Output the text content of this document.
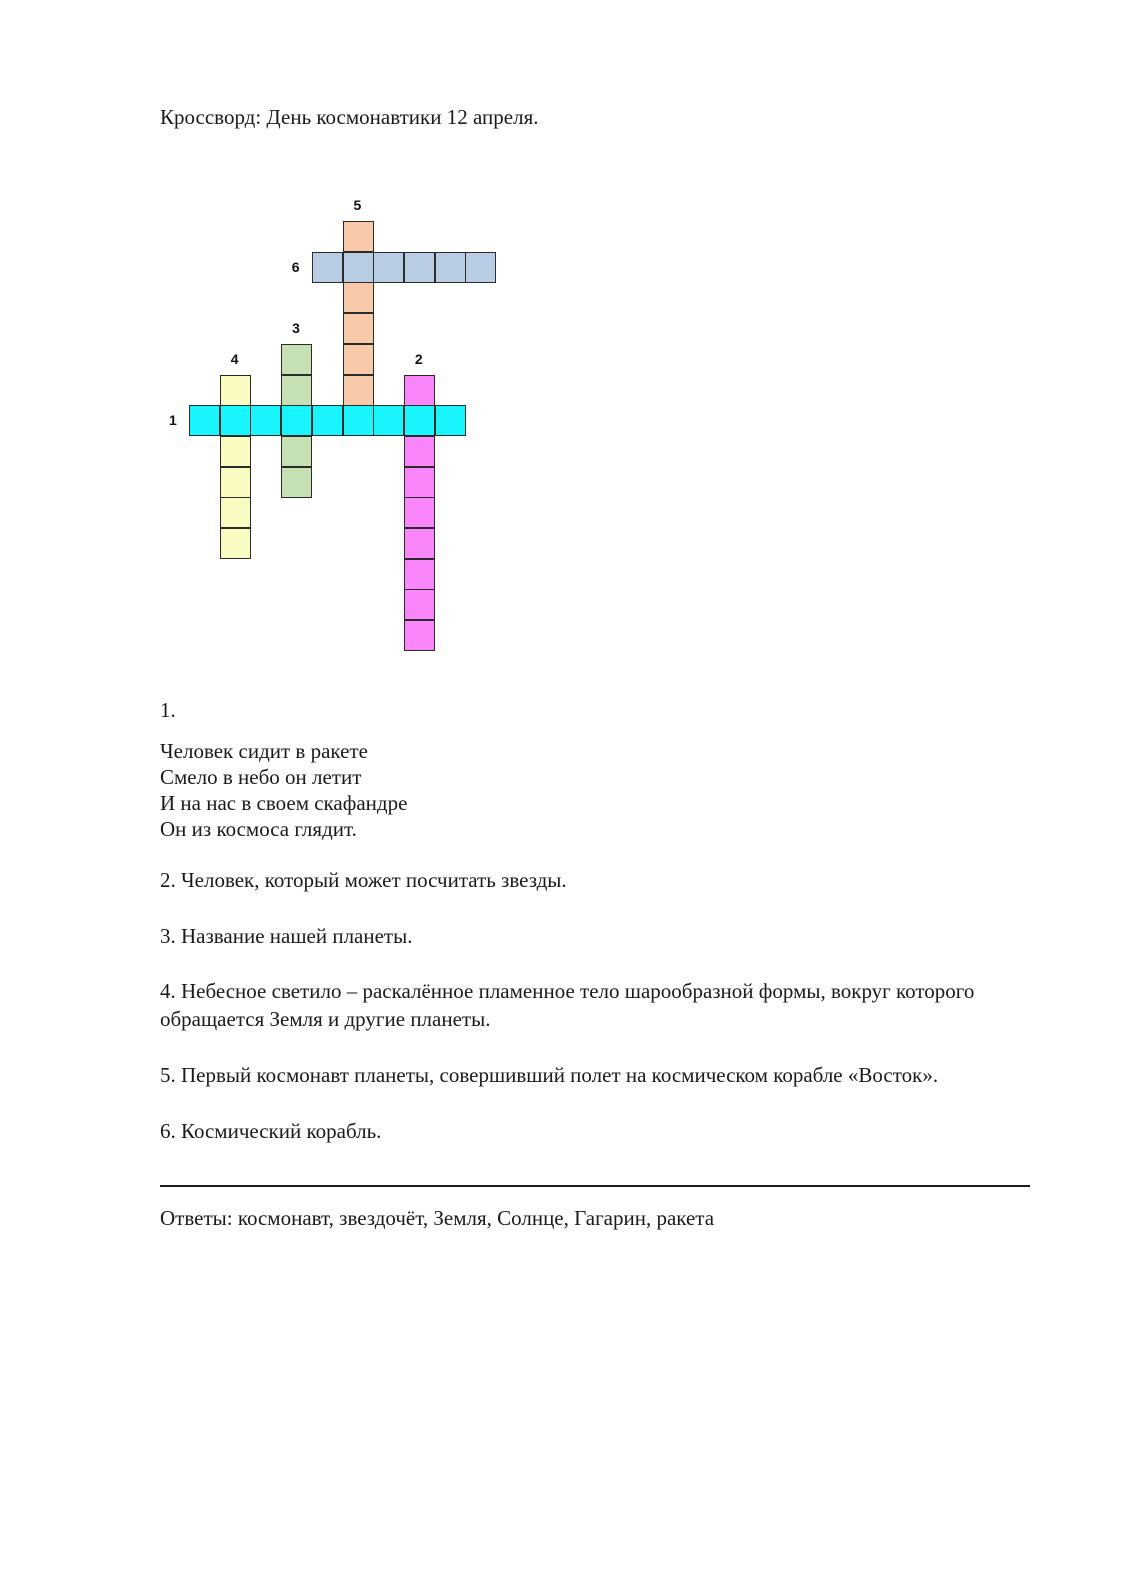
Кроссворд: День космонавтики 12 апреля.
1
2
3
4
5
6
1.
Человек сидит в ракете
Смело в небо он летит
И на нас в своем скафандре
Он из космоса глядит.
2. Человек, который может посчитать звезды.
3. Название нашей планеты.
4. Небесное светило – раскалённое пламенное тело шарообразной формы, вокруг которого обращается Земля и другие планеты.
5. Первый космонавт планеты, совершивший полет на космическом корабле «Восток».
6. Космический корабль.
Ответы: космонавт, звездочёт, Земля, Солнце, Гагарин, ракета
